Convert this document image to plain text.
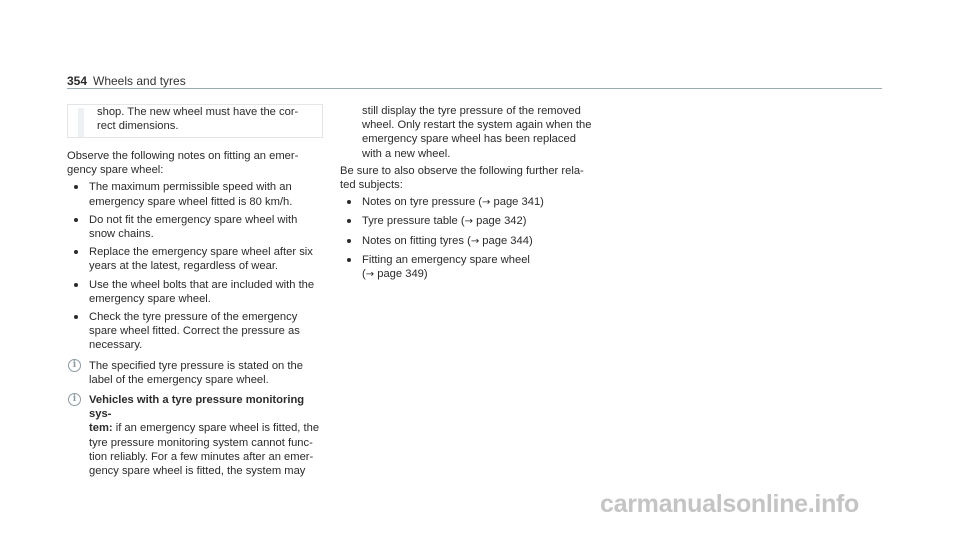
354 Wheels and tyres

shop. The new wheel must have the cor-

rect dimensions.

Observe the following notes on fitting an emer-

gency spare wheel:

The maximum permissible speed with an

emergency spare wheel fitted is 80 km/h.

Do not fit the emergency spare wheel with

snow chains.

Replace the emergency spare wheel after six

years at the latest, regardless of wear.

Use the wheel bolts that are included with the

emergency spare wheel.

Check the tyre pressure of the emergency

spare wheel fitted. Correct the pressure as

necessary.

i	The specified tyre pressure is stated on the

label of the emergency spare wheel.

i	Vehicles with a tyre pressure monitoring sys-

tem: if an emergency spare wheel is fitted, the

tyre pressure monitoring system cannot func-

tion reliably. For a few minutes after an emer-

gency spare wheel is fitted, the system may

still display the tyre pressure of the removed

wheel. Only restart the system again when the

emergency spare wheel has been replaced

with a new wheel.

Be sure to also observe the following further rela-

ted subjects:

Notes on tyre pressure (→ page 341)

Tyre pressure table (→ page 342)

Notes on fitting tyres (→ page 344)

Fitting an emergency spare wheel

(→ page 349)

carmanualsonline.info
